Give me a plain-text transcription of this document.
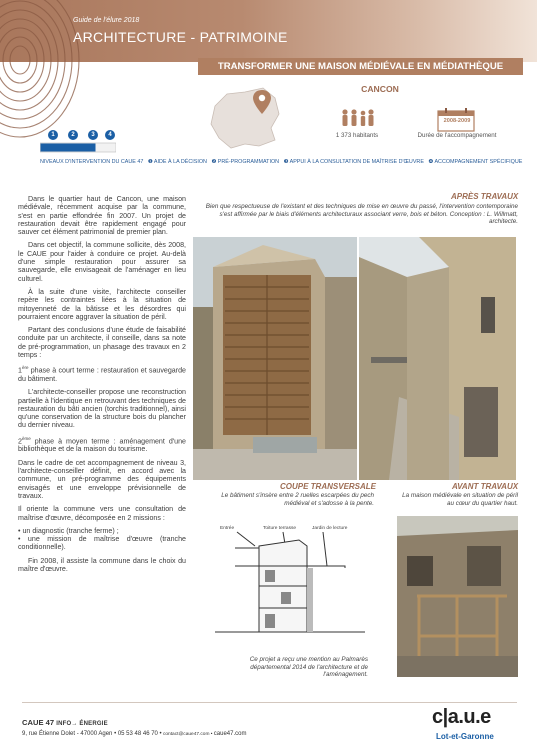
Guide de l'élure 2018
ARCHITECTURE - PATRIMOINE
TRANSFORMER UNE MAISON MÉDIÉVALE EN MÉDIATHÈQUE
CANCON
1 373 habitants
2008-2009
Durée de l'accompagnement
1	2	3	4
NIVEAUX D'INTERVENTION DU CAUE 47 ❶ AIDE À LA DÉCISION ❷ PRÉ-PROGRAMMATION ❸ APPUI À LA CONSULTATION DE MAÎTRISE D'ŒUVRE ❹ ACCOMPAGNEMENT SPÉCIFIQUE

Dans le quartier haut de Cancon, une maison médiévale, récemment acquise par la commune, s'est en partie effondrée fin 2007. Un projet de restauration devait être rapidement engagé pour sauver cet élément patrimonial de premier plan.

Dans cet objectif, la commune sollicite, dès 2008, le CAUE pour l'aider à conduire ce projet. Au-delà d'une simple restauration pour assurer sa sauvegarde, elle envisageait de l'aménager en lieu culturel.

À la suite d'une visite, l'architecte conseiller repère les contraintes liées à la situation de mitoyenneté de la bâtisse et les désordres qui pourraient encore aggraver la situation de péril.

Partant des conclusions d'une étude de faisabilité conduite par un architecte, il conseille, dans sa note de pré-programmation, un phasage des travaux en 2 temps :

1ère phase à court terme : restauration et sauvegarde du bâtiment.

L'architecte-conseiller propose une reconstruction partielle à l'identique en retrouvant des techniques de restauration du bâti ancien (torchis traditionnel), ainsi qu'une conservation de la structure bois du plancher du dernier niveau.

2ème phase à moyen terme : aménagement d'une bibliothèque et de la maison du tourisme.

Dans le cadre de cet accompagnement de niveau 3, l'architecte-conseiller définit, en accord avec la commune, un pré-programme des équipements envisagés et une enveloppe prévisionnelle de travaux.

Il oriente la commune vers une consultation de maîtrise d'œuvre, décomposée en 2 missions :

• un diagnostic (tranche ferme) ;

• une mission de maîtrise d'œuvre (tranche conditionnelle).

Fin 2008, il assiste la commune dans le choix du maître d'œuvre.

APRÈS TRAVAUX
Bien que respectueuse de l'existant et des techniques de mise en œuvre du passé, l'intervention contemporaine s'est affirmée par le biais d'éléments architecturaux associant verre, bois et béton. Conception : L. Willmatt, architecte.
COUPE TRANSVERSALE
Le bâtiment s'insère entre 2 ruelles escarpées du pech médiéval et s'adosse à la pente.
Entrée	Toiture terrasse	Jardin de lecture
Ce projet a reçu une mention au Palmarès départemental 2014 de l'architecture et de l'aménagement.
AVANT TRAVAUX
La maison médiévale en situation de péril au cœur du quartier haut.
CAUE 47 INFO→ ÉNERGIE
9, rue Étienne Dolet - 47000 Agen • 05 53 48 46 70 • contact@caue47.com • caue47.com
c|a.u.e
Lot-et-Garonne
